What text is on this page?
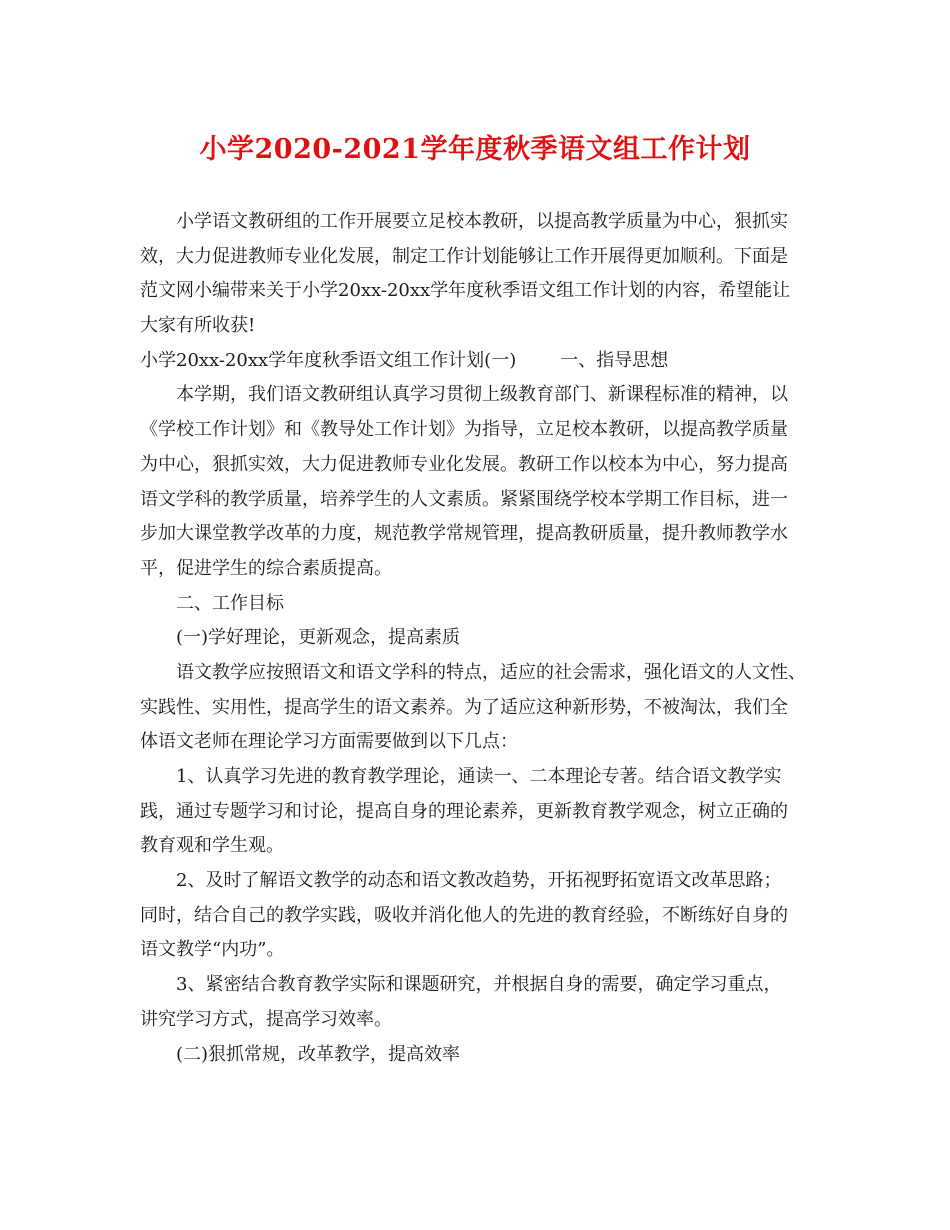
小学2020-2021学年度秋季语文组工作计划
小学语文教研组的工作开展要立足校本教研，以提高教学质量为中心，狠抓实
效，大力促进教师专业化发展，制定工作计划能够让工作开展得更加顺利。下面是
范文网小编带来关于小学20xx-20xx学年度秋季语文组工作计划的内容，希望能让
大家有所收获!
小学20xx-20xx学年度秋季语文组工作计划(一) 一、指导思想
本学期，我们语文教研组认真学习贯彻上级教育部门、新课程标准的精神，以
《学校工作计划》和《教导处工作计划》为指导，立足校本教研，以提高教学质量
为中心，狠抓实效，大力促进教师专业化发展。教研工作以校本为中心，努力提高
语文学科的教学质量，培养学生的人文素质。紧紧围绕学校本学期工作目标，进一
步加大课堂教学改革的力度，规范教学常规管理，提高教研质量，提升教师教学水
平，促进学生的综合素质提高。
二、工作目标
(一)学好理论，更新观念，提高素质
语文教学应按照语文和语文学科的特点，适应的社会需求，强化语文的人文性、
实践性、实用性，提高学生的语文素养。为了适应这种新形势，不被淘汰，我们全
体语文老师在理论学习方面需要做到以下几点：
1、认真学习先进的教育教学理论，通读一、二本理论专著。结合语文教学实
践，通过专题学习和讨论，提高自身的理论素养，更新教育教学观念，树立正确的
教育观和学生观。
2、及时了解语文教学的动态和语文教改趋势，开拓视野拓宽语文改革思路；
同时，结合自己的教学实践，吸收并消化他人的先进的教育经验，不断练好自身的
语文教学“内功”。
3、紧密结合教育教学实际和课题研究，并根据自身的需要，确定学习重点，
讲究学习方式，提高学习效率。
(二)狠抓常规，改革教学，提高效率
